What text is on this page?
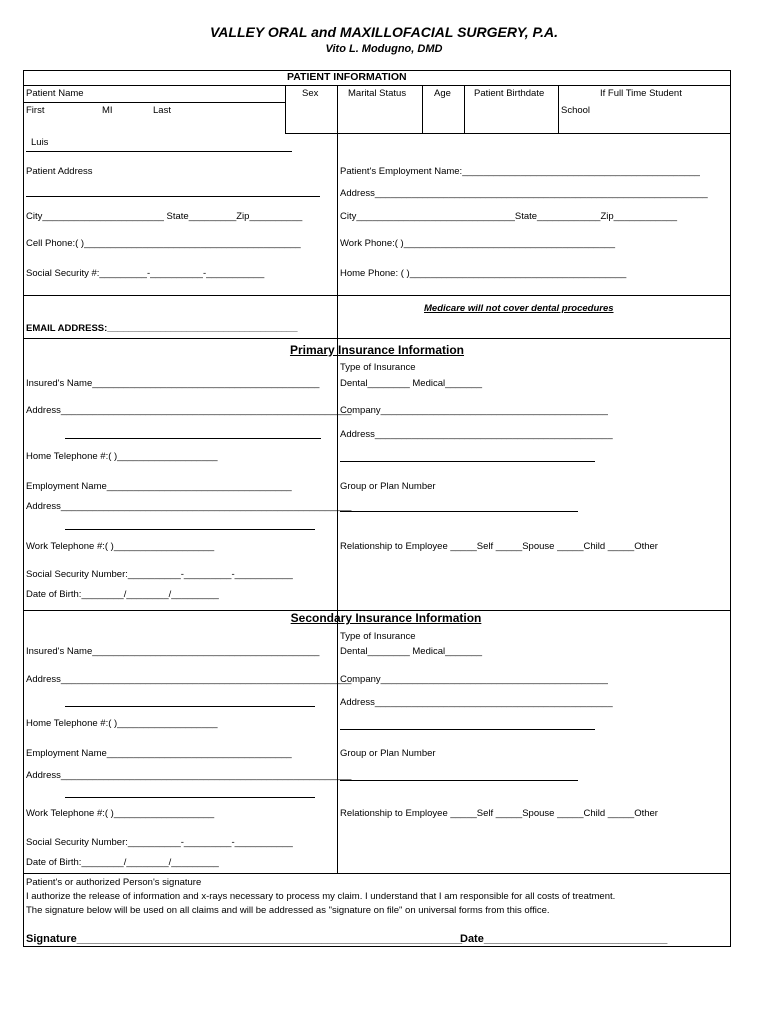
VALLEY ORAL and MAXILLOFACIAL SURGERY, P.A.
Vito L. Modugno, DMD
PATIENT INFORMATION
Patient Name	Sex	Marital Status	Age Patient Birthdate	If Full Time Student
First	MI	Last	School
Luis
Patient Address
City_______________________ State_________Zip__________
Cell Phone:( )_________________________________________
Social Security #:_________-__________-___________
Patient's Employment Name:_____________________________________________
Address_______________________________________________________________
City______________________________State____________Zip____________
Work Phone:( )________________________________________
Home Phone: ( )_________________________________________
Medicare will not cover dental procedures
EMAIL ADDRESS:____________________________________
Primary Insurance Information
Insured's Name___________________________________________
Address_______________________________________________________
Home Telephone #:( )___________________
Employment Name___________________________________
Address_______________________________________________________
Work Telephone #:( )___________________
Social Security Number:__________-_________-___________
Date of Birth:________/________/_________
Type of Insurance
Dental________ Medical_______
Company___________________________________________
Address_____________________________________________
Group or Plan Number
Relationship to Employee _____Self _____Spouse _____Child _____Other
Secondary Insurance Information
Insured's Name___________________________________________
Address_______________________________________________________
Home Telephone #:( )___________________
Employment Name___________________________________
Address_______________________________________________________
Work Telephone #:( )___________________
Social Security Number:__________-_________-___________
Date of Birth:________/________/_________
Type of Insurance
Dental________ Medical_______
Company___________________________________________
Address_____________________________________________
Group or Plan Number
Relationship to Employee _____Self _____Spouse _____Child _____Other
Patient's or authorized Person's signature
I authorize the release of information and x-rays necessary to process my claim. I understand that I am responsible for all costs of treatment.
The signature below will be used on all claims and will be addressed as "signature on file" on universal forms from this office.
Signature_______________________________________________________________
Date______________________________
